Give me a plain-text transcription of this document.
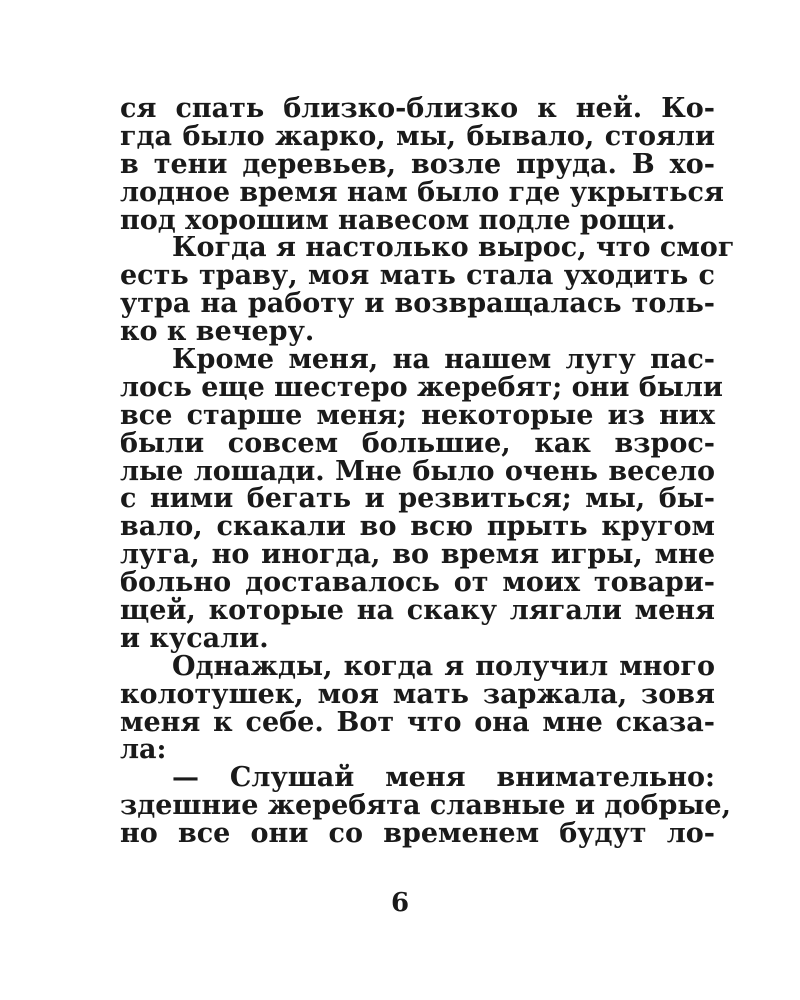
ся спать близко-близко к ней. Ко-
гда было жарко, мы, бывало, стояли
в тени деревьев, возле пруда. В хо-
лодное время нам было где укрыться
под хорошим навесом подле рощи.
Когда я настолько вырос, что смог
есть траву, моя мать стала уходить с
утра на работу и возвращалась толь-
ко к вечеру.
Кроме меня, на нашем лугу пас-
лось еще шестеро жеребят; они были
все старше меня; некоторые из них
были совсем большие, как взрос-
лые лошади. Мне было очень весело
с ними бегать и резвиться; мы, бы-
вало, скакали во всю прыть кругом
луга, но иногда, во время игры, мне
больно доставалось от моих товари-
щей, которые на скаку лягали меня
и кусали.
Однажды, когда я получил много
колотушек, моя мать заржала, зовя
меня к себе. Вот что она мне сказа-
ла:
— Слушай меня внимательно:
здешние жеребята славные и добрые,
но все они со временем будут ло-
6
